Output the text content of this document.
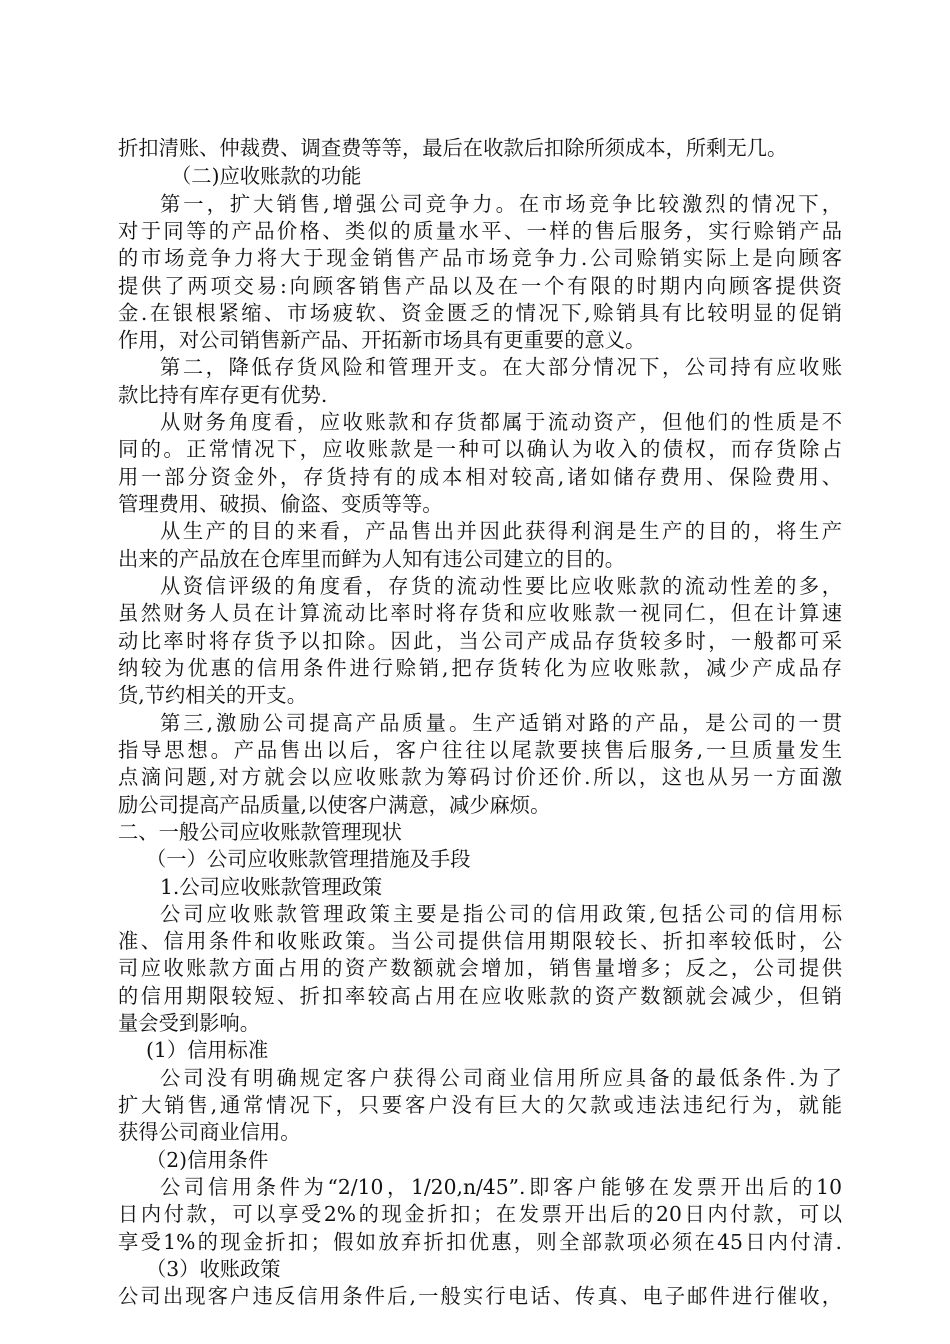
折扣清账、仲裁费、调查费等等，最后在收款后扣除所须成本，所剩无几。
（二)应收账款的功能
第一，扩大销售,增强公司竞争力。在市场竞争比较激烈的情况下，
对于同等的产品价格、类似的质量水平、一样的售后服务，实行赊销产品
的市场竞争力将大于现金销售产品市场竞争力.公司赊销实际上是向顾客
提供了两项交易:向顾客销售产品以及在一个有限的时期内向顾客提供资
金.在银根紧缩、市场疲软、资金匮乏的情况下,赊销具有比较明显的促销
作用，对公司销售新产品、开拓新市场具有更重要的意义。
第二，降低存货风险和管理开支。在大部分情况下，公司持有应收账
款比持有库存更有优势.
从财务角度看，应收账款和存货都属于流动资产，但他们的性质是不
同的。正常情况下，应收账款是一种可以确认为收入的债权，而存货除占
用一部分资金外，存货持有的成本相对较高,诸如储存费用、保险费用、
管理费用、破损、偷盗、变质等等。
从生产的目的来看，产品售出并因此获得利润是生产的目的，将生产
出来的产品放在仓库里而鲜为人知有违公司建立的目的。
从资信评级的角度看，存货的流动性要比应收账款的流动性差的多，
虽然财务人员在计算流动比率时将存货和应收账款一视同仁，但在计算速
动比率时将存货予以扣除。因此，当公司产成品存货较多时，一般都可采
纳较为优惠的信用条件进行赊销,把存货转化为应收账款，减少产成品存
货,节约相关的开支。
第三,激励公司提高产品质量。生产适销对路的产品，是公司的一贯
指导思想。产品售出以后，客户往往以尾款要挟售后服务,一旦质量发生
点滴问题,对方就会以应收账款为筹码讨价还价.所以，这也从另一方面激
励公司提高产品质量,以使客户满意，减少麻烦。
二、一般公司应收账款管理现状
（一）公司应收账款管理措施及手段
1.公司应收账款管理政策
公司应收账款管理政策主要是指公司的信用政策,包括公司的信用标
准、信用条件和收账政策。当公司提供信用期限较长、折扣率较低时，公
司应收账款方面占用的资产数额就会增加，销售量增多；反之，公司提供
的信用期限较短、折扣率较高占用在应收账款的资产数额就会减少，但销
量会受到影响。
(1）信用标准
公司没有明确规定客户获得公司商业信用所应具备的最低条件.为了
扩大销售,通常情况下，只要客户没有巨大的欠款或违法违纪行为，就能
获得公司商业信用。
（2)信用条件
公司信用条件为“2/10，1/20,n/45”.即客户能够在发票开出后的10
日内付款，可以享受2%的现金折扣；在发票开出后的20日内付款，可以
享受1%的现金折扣；假如放弃折扣优惠，则全部款项必须在45日内付清.
（3）收账政策
公司出现客户违反信用条件后,一般实行电话、传真、电子邮件进行催收，
